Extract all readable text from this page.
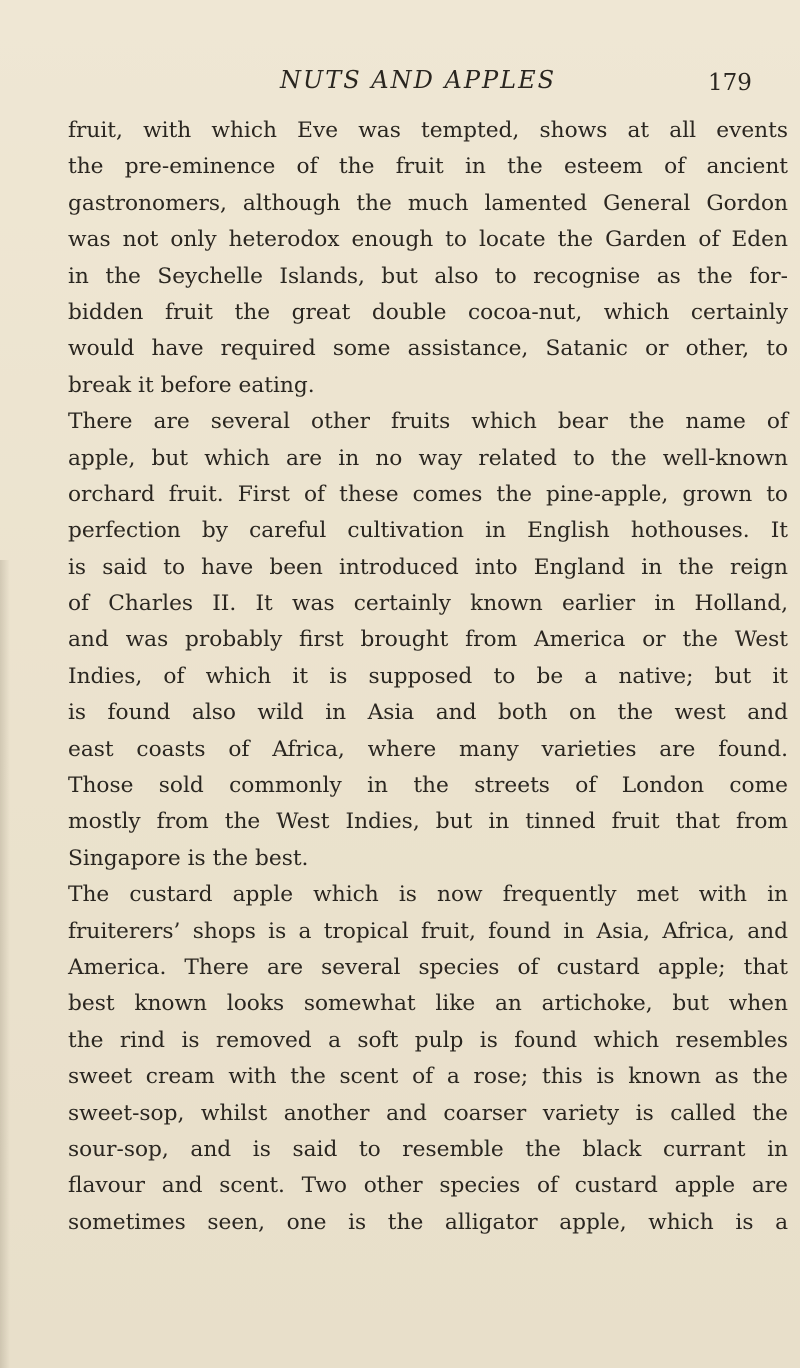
NUTS AND APPLES	179
fruit, with which Eve was tempted, shows at all events
the pre-eminence of the fruit in the esteem of ancient
gastronomers, although the much lamented General Gordon
was not only heterodox enough to locate the Garden of Eden
in the Seychelle Islands, but also to recognise as the for-
bidden fruit the great double cocoa-nut, which certainly
would have required some assistance, Satanic or other, to
break it before eating.
There are several other fruits which bear the name of
apple, but which are in no way related to the well-known
orchard fruit. First of these comes the pine-apple, grown to
perfection by careful cultivation in English hothouses. It
is said to have been introduced into England in the reign
of Charles II. It was certainly known earlier in Holland,
and was probably first brought from America or the West
Indies, of which it is supposed to be a native; but it
is found also wild in Asia and both on the west and
east coasts of Africa, where many varieties are found.
Those sold commonly in the streets of London come
mostly from the West Indies, but in tinned fruit that from
Singapore is the best.
The custard apple which is now frequently met with in
fruiterers’ shops is a tropical fruit, found in Asia, Africa, and
America. There are several species of custard apple; that
best known looks somewhat like an artichoke, but when
the rind is removed a soft pulp is found which resembles
sweet cream with the scent of a rose; this is known as the
sweet-sop, whilst another and coarser variety is called the
sour-sop, and is said to resemble the black currant in
flavour and scent. Two other species of custard apple are
sometimes seen, one is the alligator apple, which is a
